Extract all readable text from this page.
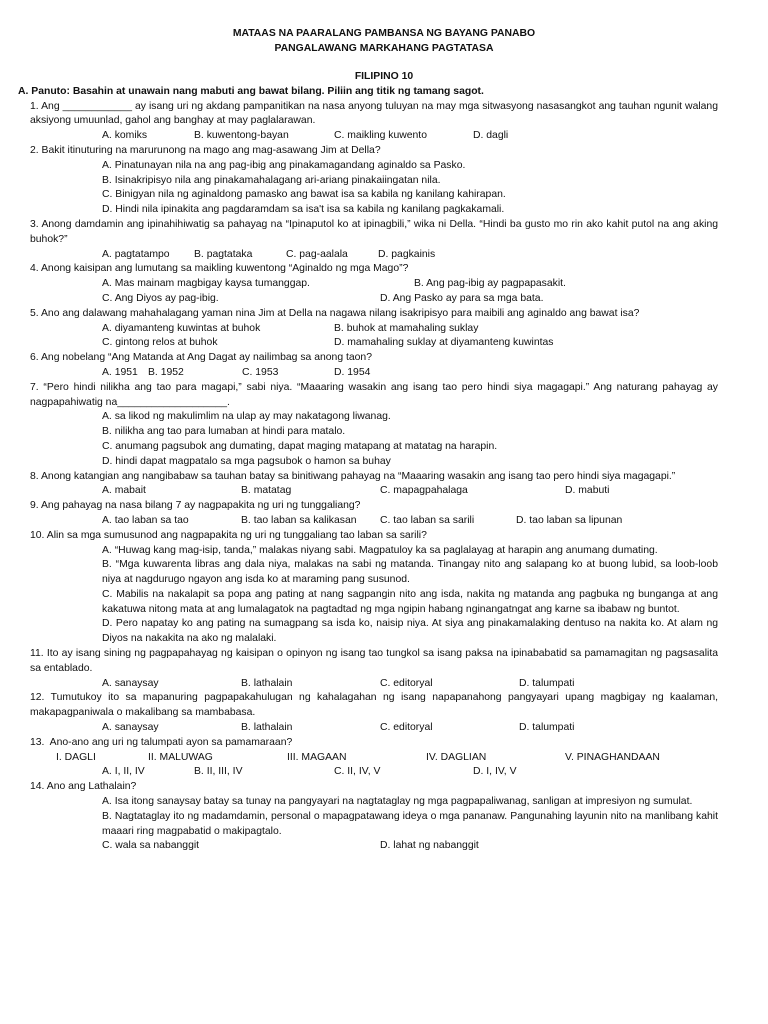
MATAAS NA PAARALANG PAMBANSA NG BAYANG PANABO
PANGALAWANG MARKAHANG PAGTATASA
FILIPINO 10
A. Panuto: Basahin at unawain nang mabuti ang bawat bilang. Piliin ang titik ng tamang sagot.

1. Ang ____________ ay isang uri ng akdang pampanitikan na nasa anyong tuluyan na may mga sitwasyong nasasangkot ang tauhan ngunit walang aksiyong umuunlad, gahol ang banghay at may paglalarawan.

A. komiks	B. kuwentong-bayan	C. maikling kuwento	D. dagli

2. Bakit itinuturing na marurunong na mago ang mag-asawang Jim at Della?

A. Pinatunayan nila na ang pag-ibig ang pinakamagandang aginaldo sa Pasko.
B. Isinakripisyo nila ang pinakamahalagang ari-ariang pinakaiingatan nila.
C. Binigyan nila ng aginaldong pamasko ang bawat isa sa kabila ng kanilang kahirapan.
D. Hindi nila ipinakita ang pagdaramdam sa isa't isa sa kabila ng kanilang pagkakamali.

3. Anong damdamin ang ipinahihiwatig sa pahayag na “Ipinaputol ko at ipinagbili,” wika ni Della. “Hindi ba gusto mo rin ako kahit putol na ang aking buhok?”

A. pagtatampo B. pagtataka	C. pag-aalala	D. pagkainis

4. Anong kaisipan ang lumutang sa maikling kuwentong “Aginaldo ng mga Mago”?

A. Mas mainam magbigay kaysa tumanggap.	B. Ang pag-ibig ay pagpapasakit.
C. Ang Diyos ay pag-ibig.	D. Ang Pasko ay para sa mga bata.

5. Ano ang dalawang mahahalagang yaman nina Jim at Della na nagawa nilang isakripisyo para maibili ang aginaldo ang bawat isa?

A. diyamanteng kuwintas at buhok	B. buhok at mamahaling suklay
C. gintong relos at buhok	D. mamahaling suklay at diyamanteng kuwintas

6. Ang nobelang “Ang Matanda at Ang Dagat ay nailimbag sa anong taon?

A. 1951 B. 1952	C. 1953	D. 1954

7. “Pero hindi nilikha ang tao para magapi,” sabi niya. “Maaaring wasakin ang isang tao pero hindi siya magagapi.” Ang naturang pahayag ay nagpapahiwatig na___________________.

A. sa likod ng makulimlim na ulap ay may nakatagong liwanag.
B. nilikha ang tao para lumaban at hindi para matalo.
C. anumang pagsubok ang dumating, dapat maging matapang at matatag na harapin.
D. hindi dapat magpatalo sa mga pagsubok o hamon sa buhay

8. Anong katangian ang nangibabaw sa tauhan batay sa binitiwang pahayag na “Maaaring wasakin ang isang tao pero hindi siya magagapi.”

A. mabait	B. matatag	C. mapagpahalaga	D. mabuti

9. Ang pahayag na nasa bilang 7 ay nagpapakita ng uri ng tunggaliang?

A. tao laban sa tao	B. tao laban sa kalikasan C. tao laban sa sarili	D. tao laban sa lipunan

10. Alin sa mga sumusunod ang nagpapakita ng uri ng tunggaliang tao laban sa sarili?

A. “Huwag kang mag-isip, tanda,” malakas niyang sabi. Magpatuloy ka sa paglalayag at harapin ang anumang dumating.
B. “Mga kuwarenta libras ang dala niya, malakas na sabi ng matanda. Tinangay nito ang salapang ko at buong lubid, sa loob-loob niya at nagdurugo ngayon ang isda ko at maraming pang susunod.
C. Mabilis na nakalapit sa popa ang pating at nang sagpangin nito ang isda, nakita ng matanda ang pagbuka ng bunganga at ang kakatuwa nitong mata at ang lumalagatok na pagtadtad ng mga ngipin habang nginangatngat ang karne sa ibabaw ng buntot.
D. Pero napatay ko ang pating na sumagpang sa isda ko, naisip niya. At siya ang pinakamalaking dentuso na nakita ko. At alam ng Diyos na nakakita na ako ng malalaki.

11. Ito ay isang sining ng pagpapahayag ng kaisipan o opinyon ng isang tao tungkol sa isang paksa na ipinababatid sa pamamagitan ng pagsasalita sa entablado.

A. sanaysay	B. lathalain	C. editoryal	D. talumpati

12. Tumutukoy ito sa mapanuring pagpapakahulugan ng kahalagahan ng isang napapanahong pangyayari upang magbigay ng kaalaman, makapagpaniwala o makalibang sa mambabasa.

A. sanaysay	B. lathalain	C. editoryal	D. talumpati

13.  Ano-ano ang uri ng talumpati ayon sa pamamaraan?

I. DAGLI	II. MALUWAG	III. MAGAAN	IV. DAGLIAN	V. PINAGHANDAAN
A. I, II, IV	B. II, III, IV	C. II, IV, V	D. I, IV, V

14. Ano ang Lathalain?

A. Isa itong sanaysay batay sa tunay na pangyayari na nagtataglay ng mga pagpapaliwanag, sanligan at impresiyon ng sumulat.
B. Nagtataglay ito ng madamdamin, personal o mapagpatawang ideya o mga pananaw. Pangunahing layunin nito na manlibang kahit maaari ring magpabatid o makipagtalo.
C. wala sa nabanggit	D. lahat ng nabanggit
